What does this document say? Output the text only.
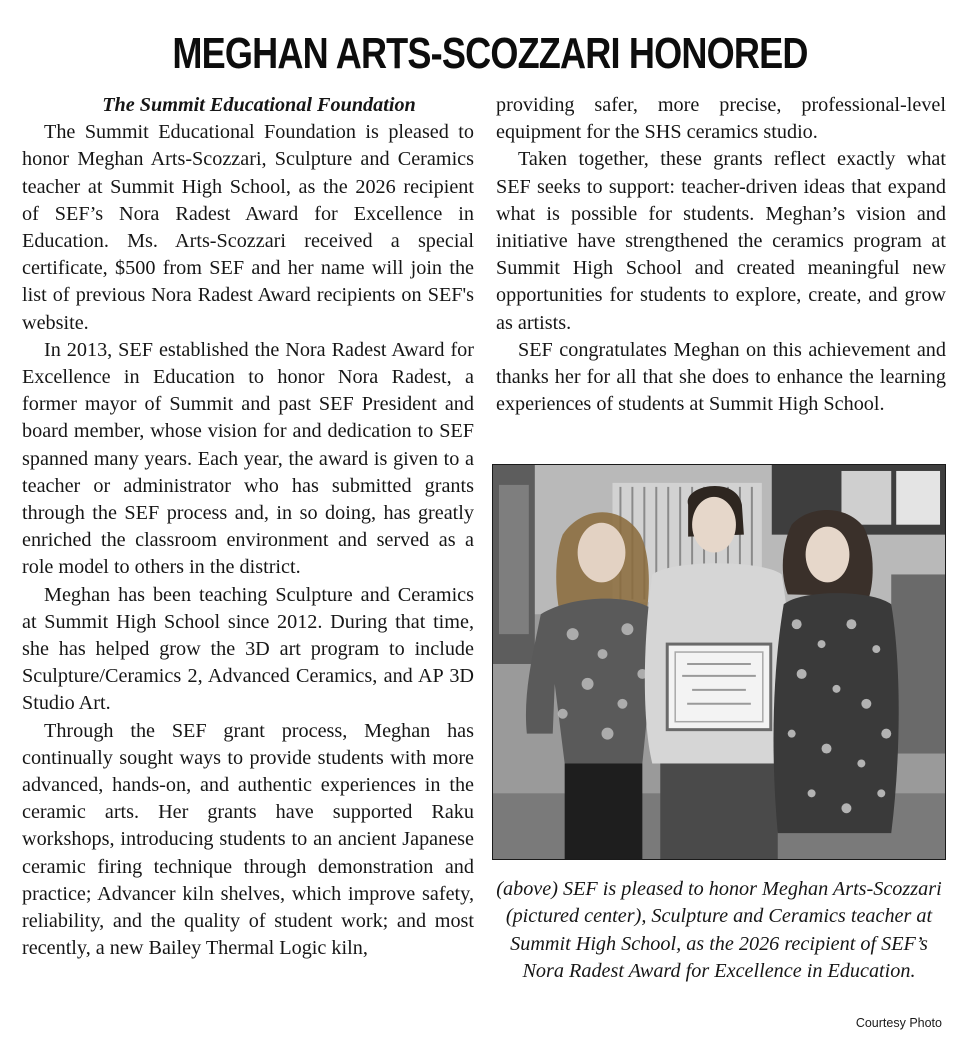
MEGHAN ARTS-SCOZZARI HONORED

The Summit Educational Foundation

The Summit Educational Foundation is pleased to honor Meghan Arts-Scozzari, Sculpture and Ceramics teacher at Summit High School, as the 2026 recipient of SEF’s Nora Radest Award for Excellence in Education. Ms. Arts-Scozzari received a special certificate, $500 from SEF and her name will join the list of previous Nora Radest Award recipients on SEF's website.

In 2013, SEF established the Nora Radest Award for Excellence in Education to honor Nora Radest, a former mayor of Summit and past SEF President and board member, whose vision for and dedication to SEF spanned many years. Each year, the award is given to a teacher or administrator who has submitted grants through the SEF process and, in so doing, has greatly enriched the classroom environment and served as a role model to others in the district.

Meghan has been teaching Sculpture and Ceramics at Summit High School since 2012. During that time, she has helped grow the 3D art program to include Sculpture/Ceramics 2, Advanced Ceramics, and AP 3D Studio Art.

Through the SEF grant process, Meghan has continually sought ways to provide students with more advanced, hands-on, and authentic experiences in the ceramic arts. Her grants have supported Raku workshops, introducing students to an ancient Japanese ceramic firing technique through demonstration and practice; Advancer kiln shelves, which improve safety, reliability, and the quality of student work; and most recently, a new Bailey Thermal Logic kiln,

providing safer, more precise, professional-level equipment for the SHS ceramics studio.

Taken together, these grants reflect exactly what SEF seeks to support: teacher-driven ideas that expand what is possible for students. Meghan’s vision and initiative have strengthened the ceramics program at Summit High School and created meaningful new opportunities for students to explore, create, and grow as artists.

SEF congratulates Meghan on this achievement and thanks her for all that she does to enhance the learning experiences of students at Summit High School.

(above) SEF is pleased to honor Meghan Arts-Scozzari (pictured center), Sculpture and Ceramics teacher at Summit High School, as the 2026 recipient of SEF’s Nora Radest Award for Excellence in Education.

Courtesy Photo
